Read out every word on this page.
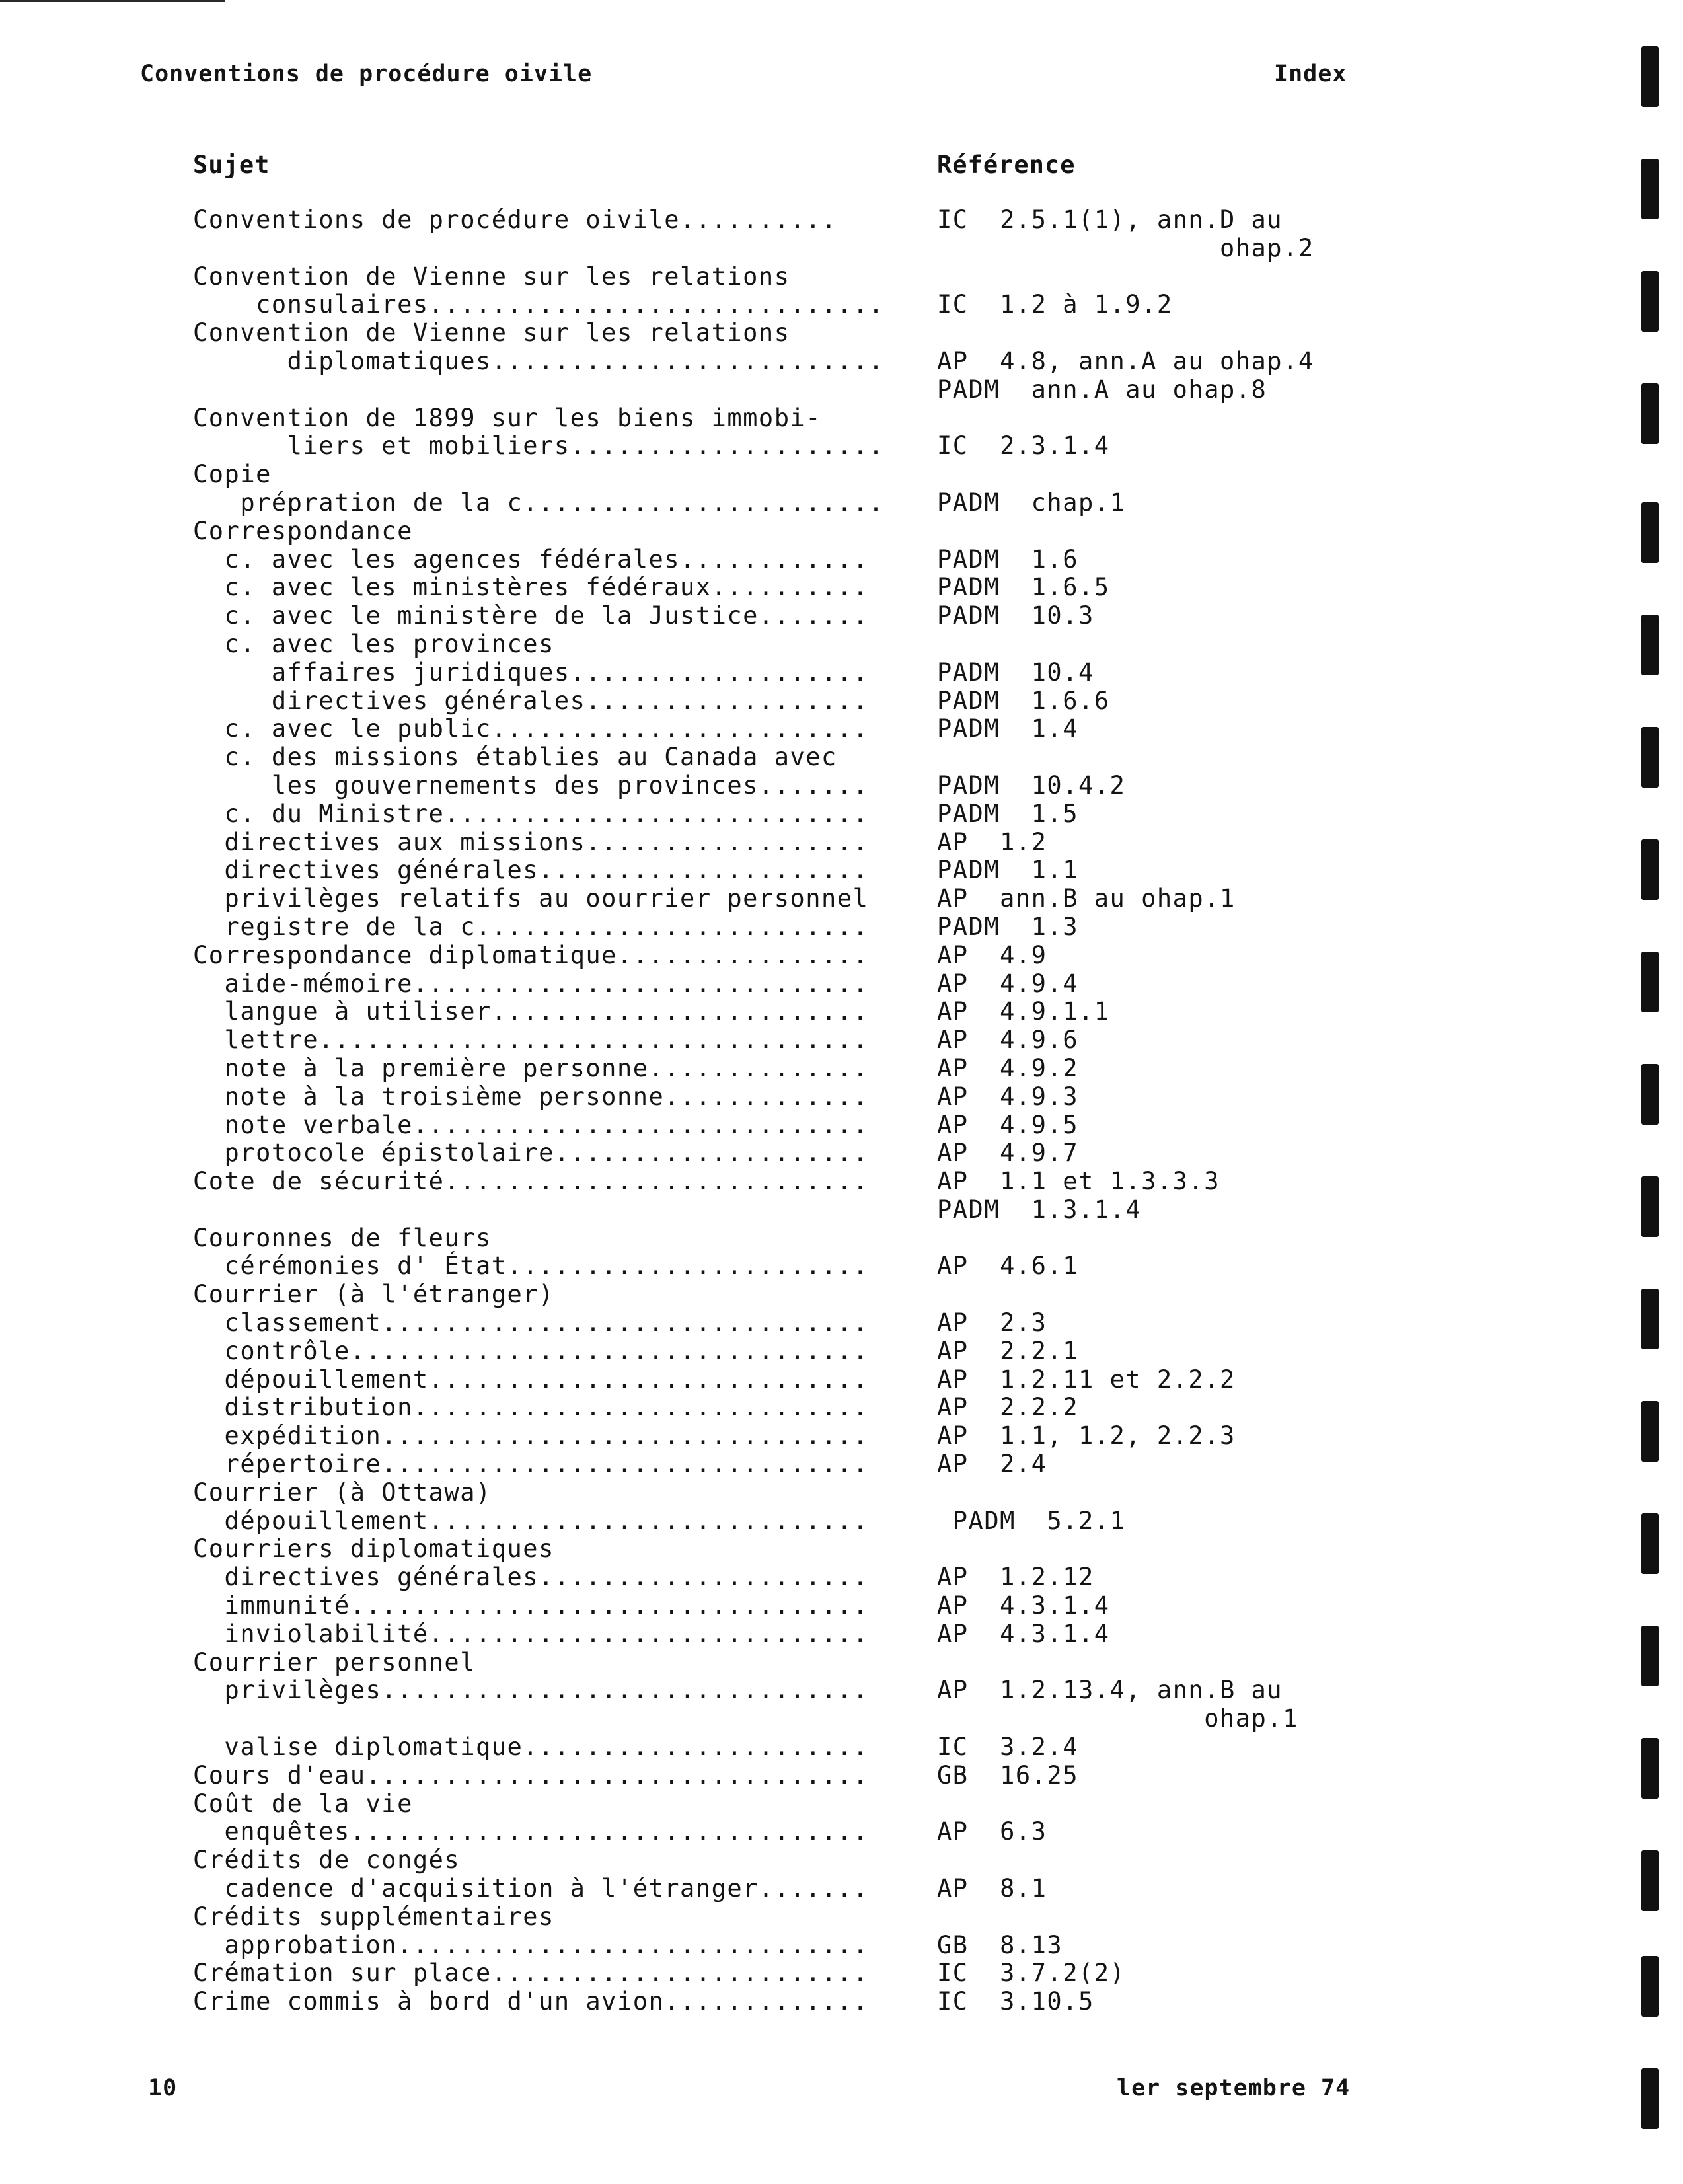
Conventions de procédure oivile	Index
Sujet	Référence
Conventions de procédure oivile..........	IC  2.5.1(1), ann.D au
ohap.2
Convention de Vienne sur les relations
consulaires............................. IC  1.2 à 1.9.2
Convention de Vienne sur les relations
diplomatiques......................... AP  4.8, ann.A au ohap.4
PADM  ann.A au ohap.8
Convention de 1899 sur les biens immobi-
liers et mobiliers.................... IC  2.3.1.4
Copie
prépration de la c....................... PADM  chap.1
Correspondance
c. avec les agences fédérales............	PADM  1.6
c. avec les ministères fédéraux..........	PADM  1.6.5
c. avec le ministère de la Justice.......	PADM  10.3
c. avec les provinces
affaires juridiques...................	PADM  10.4
directives générales..................	PADM  1.6.6
c. avec le public........................	PADM  1.4
c. des missions établies au Canada avec
les gouvernements des provinces.......	PADM  10.4.2
c. du Ministre...........................	PADM  1.5
directives aux missions..................	AP  1.2
directives générales.....................	PADM  1.1
privilèges relatifs au oourrier personnel	AP  ann.B au ohap.1
registre de la c.........................	PADM  1.3
Correspondance diplomatique................	AP  4.9
aide-mémoire.............................	AP  4.9.4
langue à utiliser........................	AP  4.9.1.1
lettre...................................	AP  4.9.6
note à la première personne..............	AP  4.9.2
note à la troisième personne.............	AP  4.9.3
note verbale.............................	AP  4.9.5
protocole épistolaire....................	AP  4.9.7
Cote de sécurité...........................	AP  1.1 et 1.3.3.3
PADM  1.3.1.4
Couronnes de fleurs
cérémonies d' État.......................	AP  4.6.1
Courrier (à l'étranger)
classement...............................	AP  2.3
contrôle.................................	AP  2.2.1
dépouillement............................	AP  1.2.11 et 2.2.2
distribution.............................	AP  2.2.2
expédition...............................	AP  1.1, 1.2, 2.2.3
répertoire...............................	AP  2.4
Courrier (à Ottawa)
dépouillement............................	PADM  5.2.1
Courriers diplomatiques
directives générales.....................	AP  1.2.12
immunité.................................	AP  4.3.1.4
inviolabilité............................	AP  4.3.1.4
Courrier personnel
privilèges...............................	AP  1.2.13.4, ann.B au
ohap.1
valise diplomatique......................	IC  3.2.4
Cours d'eau................................	GB  16.25
Coût de la vie
enquêtes.................................	AP  6.3
Crédits de congés
cadence d'acquisition à l'étranger.......	AP  8.1
Crédits supplémentaires
approbation..............................	GB  8.13
Crémation sur place........................	IC  3.7.2(2)
Crime commis à bord d'un avion.............	IC  3.10.5
10	ler septembre 74
